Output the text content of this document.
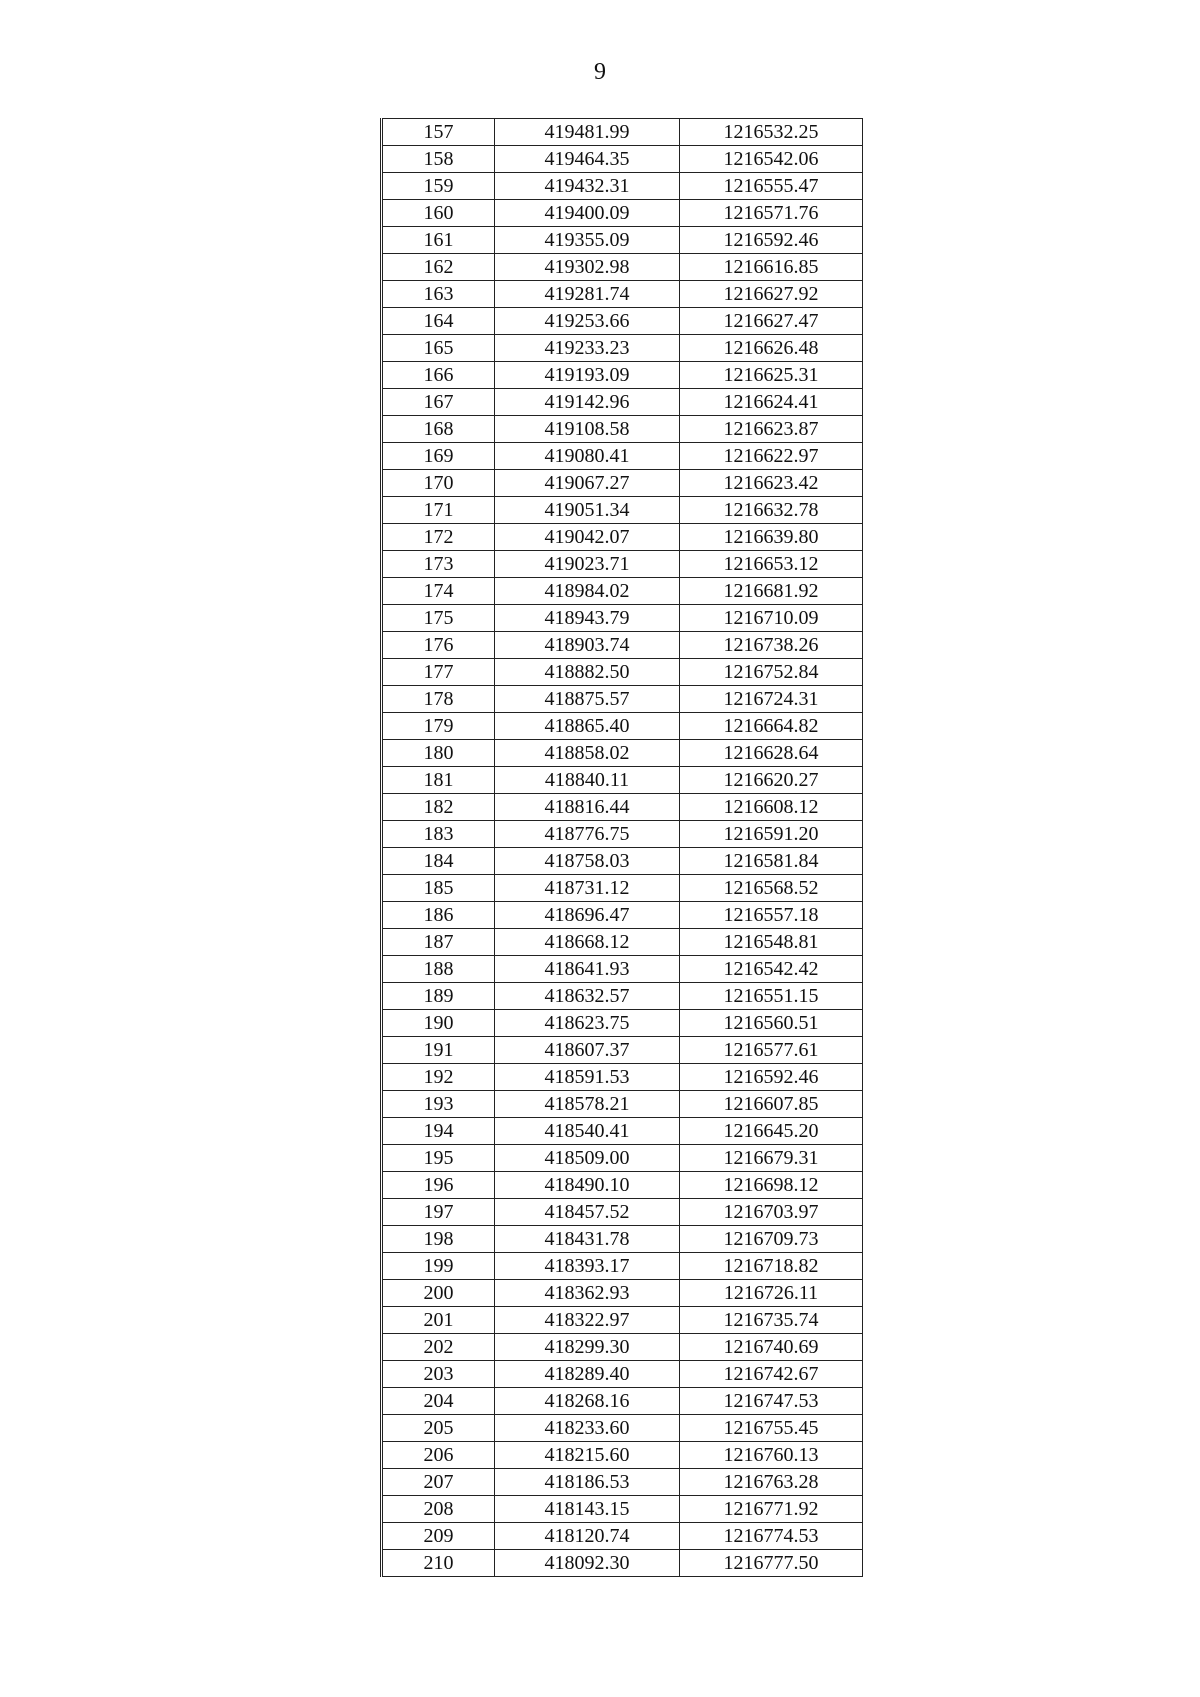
9
157	419481.99	1216532.25
158	419464.35	1216542.06
159	419432.31	1216555.47
160	419400.09	1216571.76
161	419355.09	1216592.46
162	419302.98	1216616.85
163	419281.74	1216627.92
164	419253.66	1216627.47
165	419233.23	1216626.48
166	419193.09	1216625.31
167	419142.96	1216624.41
168	419108.58	1216623.87
169	419080.41	1216622.97
170	419067.27	1216623.42
171	419051.34	1216632.78
172	419042.07	1216639.80
173	419023.71	1216653.12
174	418984.02	1216681.92
175	418943.79	1216710.09
176	418903.74	1216738.26
177	418882.50	1216752.84
178	418875.57	1216724.31
179	418865.40	1216664.82
180	418858.02	1216628.64
181	418840.11	1216620.27
182	418816.44	1216608.12
183	418776.75	1216591.20
184	418758.03	1216581.84
185	418731.12	1216568.52
186	418696.47	1216557.18
187	418668.12	1216548.81
188	418641.93	1216542.42
189	418632.57	1216551.15
190	418623.75	1216560.51
191	418607.37	1216577.61
192	418591.53	1216592.46
193	418578.21	1216607.85
194	418540.41	1216645.20
195	418509.00	1216679.31
196	418490.10	1216698.12
197	418457.52	1216703.97
198	418431.78	1216709.73
199	418393.17	1216718.82
200	418362.93	1216726.11
201	418322.97	1216735.74
202	418299.30	1216740.69
203	418289.40	1216742.67
204	418268.16	1216747.53
205	418233.60	1216755.45
206	418215.60	1216760.13
207	418186.53	1216763.28
208	418143.15	1216771.92
209	418120.74	1216774.53
210	418092.30	1216777.50
